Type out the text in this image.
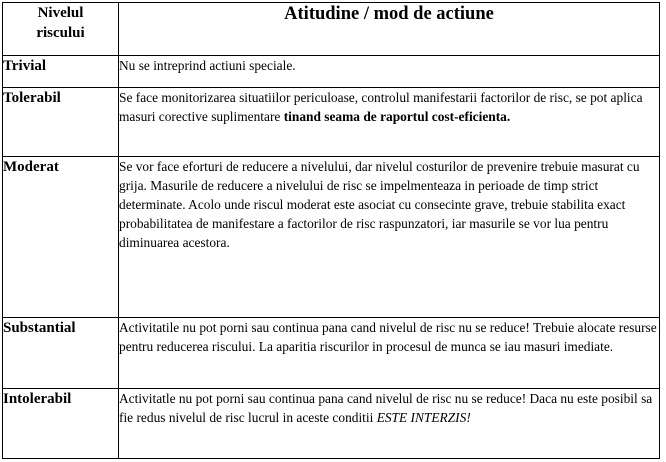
Nivelul
riscului	Atitudine / mod de actiune
Trivial	Nu se intreprind actiuni speciale.
Tolerabil	Se face monitorizarea situatiilor periculoase, controlul manifestarii factorilor de risc, se pot aplica masuri corective suplimentare tinand seama de raportul cost-eficienta.
Moderat	Se vor face eforturi de reducere a nivelului, dar nivelul costurilor de prevenire trebuie masurat cu grija. Masurile de reducere a nivelului de risc se impelmenteaza in perioade de timp strict determinate. Acolo unde riscul moderat este asociat cu consecinte grave, trebuie stabilita exact probabilitatea de manifestare a factorilor de risc raspunzatori, iar masurile se vor lua pentru diminuarea acestora.
Substantial	Activitatile nu pot porni sau continua pana cand nivelul de risc nu se reduce! Trebuie alocate resurse pentru reducerea riscului. La aparitia riscurilor in procesul de munca se iau masuri imediate.
Intolerabil	Activitatle nu pot porni sau continua pana cand nivelul de risc nu se reduce! Daca nu este posibil sa fie redus nivelul de risc lucrul in aceste conditii ESTE INTERZIS!
